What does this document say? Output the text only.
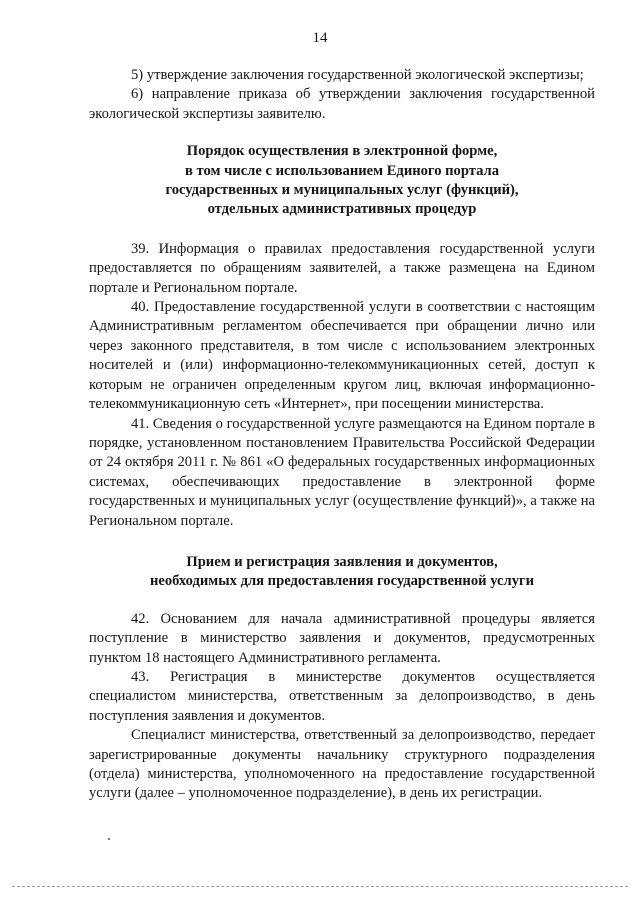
14

5) утверждение заключения государственной экологической экспертизы;

6) направление приказа об утверждении заключения государственной экологической экспертизы заявителю.

Порядок осуществления в электронной форме,

в том числе с использованием Единого портала

государственных и муниципальных услуг (функций),

отдельных административных процедур

39. Информация о правилах предоставления государственной услуги предоставляется по обращениям заявителей, а также размещена на Едином портале и Региональном портале.

40. Предоставление государственной услуги в соответствии с настоящим Административным регламентом обеспечивается при обращении лично или через законного представителя, в том числе с использованием электронных носителей и (или) информационно-телекоммуникационных сетей, доступ к которым не ограничен определенным кругом лиц, включая информационно-телекоммуникационную сеть «Интернет», при посещении министерства.

41. Сведения о государственной услуге размещаются на Едином портале в порядке, установленном постановлением Правительства Российской Федерации от 24 октября 2011 г. № 861 «О федеральных государственных информационных системах, обеспечивающих предоставление в электронной форме государственных и муниципальных услуг (осуществление функций)», а также на Региональном портале.

Прием и регистрация заявления и документов,

необходимых для предоставления государственной услуги

42. Основанием для начала административной процедуры является поступление в министерство заявления и документов, предусмотренных пунктом 18 настоящего Административного регламента.

43. Регистрация в министерстве документов осуществляется специалистом министерства, ответственным за делопроизводство, в день поступления заявления и документов.

Специалист министерства, ответственный за делопроизводство, передает зарегистрированные документы начальнику структурного подразделения (отдела) министерства, уполномоченного на предоставление государственной услуги (далее – уполномоченное подразделение), в день их регистрации.
